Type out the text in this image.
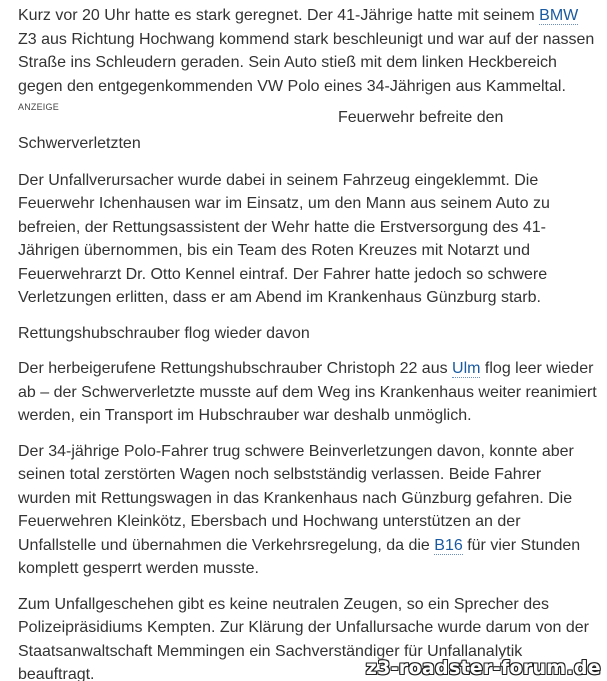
Kurz vor 20 Uhr hatte es stark geregnet. Der 41-Jährige hatte mit seinem BMW Z3 aus Richtung Hochwang kommend stark beschleunigt und war auf der nassen Straße ins Schleudern geraden. Sein Auto stieß mit dem linken Heckbereich gegen den entgegenkommenden VW Polo eines 34-Jährigen aus Kammeltal.

ANZEIGE
Feuerwehr befreite den

Schwerverletzten

Der Unfallverursacher wurde dabei in seinem Fahrzeug eingeklemmt. Die Feuerwehr Ichenhausen war im Einsatz, um den Mann aus seinem Auto zu befreien, der Rettungsassistent der Wehr hatte die Erstversorgung des 41-Jährigen übernommen, bis ein Team des Roten Kreuzes mit Notarzt und Feuerwehrarzt Dr. Otto Kennel eintraf. Der Fahrer hatte jedoch so schwere Verletzungen erlitten, dass er am Abend im Krankenhaus Günzburg starb.

Rettungshubschrauber flog wieder davon

Der herbeigerufene Rettungshubschrauber Christoph 22 aus Ulm flog leer wieder ab – der Schwerverletzte musste auf dem Weg ins Krankenhaus weiter reanimiert werden, ein Transport im Hubschrauber war deshalb unmöglich.

Der 34-jährige Polo-Fahrer trug schwere Beinverletzungen davon, konnte aber seinen total zerstörten Wagen noch selbstständig verlassen. Beide Fahrer wurden mit Rettungswagen in das Krankenhaus nach Günzburg gefahren. Die Feuerwehren Kleinkötz, Ebersbach und Hochwang unterstützen an der Unfallstelle und übernahmen die Verkehrsregelung, da die B16 für vier Stunden komplett gesperrt werden musste.

Zum Unfallgeschehen gibt es keine neutralen Zeugen, so ein Sprecher des Polizeipräsidiums Kempten. Zur Klärung der Unfallursache wurde darum von der Staatsanwaltschaft Memmingen ein Sachverständiger für Unfallanalytik beauftragt.	z3-roadster-forum.de
